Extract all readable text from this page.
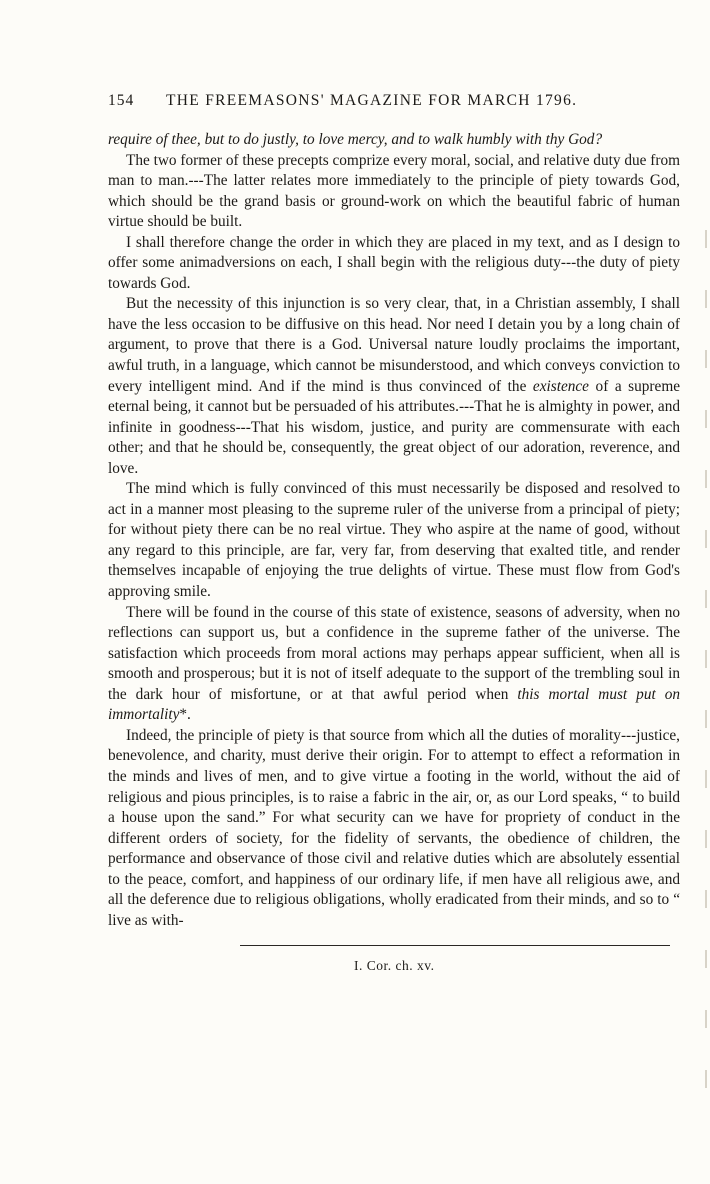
154	THE FREEMASONS' MAGAZINE FOR MARCH 1796.

require of thee, but to do justly, to love mercy, and to walk humbly with thy God?

The two former of these precepts comprize every moral, social, and relative duty due from man to man.---The latter relates more immediately to the principle of piety towards God, which should be the grand basis or ground-work on which the beautiful fabric of human virtue should be built.

I shall therefore change the order in which they are placed in my text, and as I design to offer some animadversions on each, I shall begin with the religious duty---the duty of piety towards God.

But the necessity of this injunction is so very clear, that, in a Christian assembly, I shall have the less occasion to be diffusive on this head. Nor need I detain you by a long chain of argument, to prove that there is a God. Universal nature loudly proclaims the important, awful truth, in a language, which cannot be misunderstood, and which conveys conviction to every intelligent mind. And if the mind is thus convinced of the existence of a supreme eternal being, it cannot but be persuaded of his attributes.---That he is almighty in power, and infinite in goodness---That his wisdom, justice, and purity are commensurate with each other; and that he should be, consequently, the great object of our adoration, reverence, and love.

The mind which is fully convinced of this must necessarily be disposed and resolved to act in a manner most pleasing to the supreme ruler of the universe from a principal of piety; for without piety there can be no real virtue. They who aspire at the name of good, without any regard to this principle, are far, very far, from deserving that exalted title, and render themselves incapable of enjoying the true delights of virtue. These must flow from God's approving smile.

There will be found in the course of this state of existence, seasons of adversity, when no reflections can support us, but a confidence in the supreme father of the universe. The satisfaction which proceeds from moral actions may perhaps appear sufficient, when all is smooth and prosperous; but it is not of itself adequate to the support of the trembling soul in the dark hour of misfortune, or at that awful period when this mortal must put on immortality*.

Indeed, the principle of piety is that source from which all the duties of morality---justice, benevolence, and charity, must derive their origin. For to attempt to effect a reformation in the minds and lives of men, and to give virtue a footing in the world, without the aid of religious and pious principles, is to raise a fabric in the air, or, as our Lord speaks, “ to build a house upon the sand.” For what security can we have for propriety of conduct in the different orders of society, for the fidelity of servants, the obedience of children, the performance and observance of those civil and relative duties which are absolutely essential to the peace, comfort, and happiness of our ordinary life, if men have all religious awe, and all the deference due to religious obligations, wholly eradicated from their minds, and so to “ live as with-

I. Cor. ch. xv.
